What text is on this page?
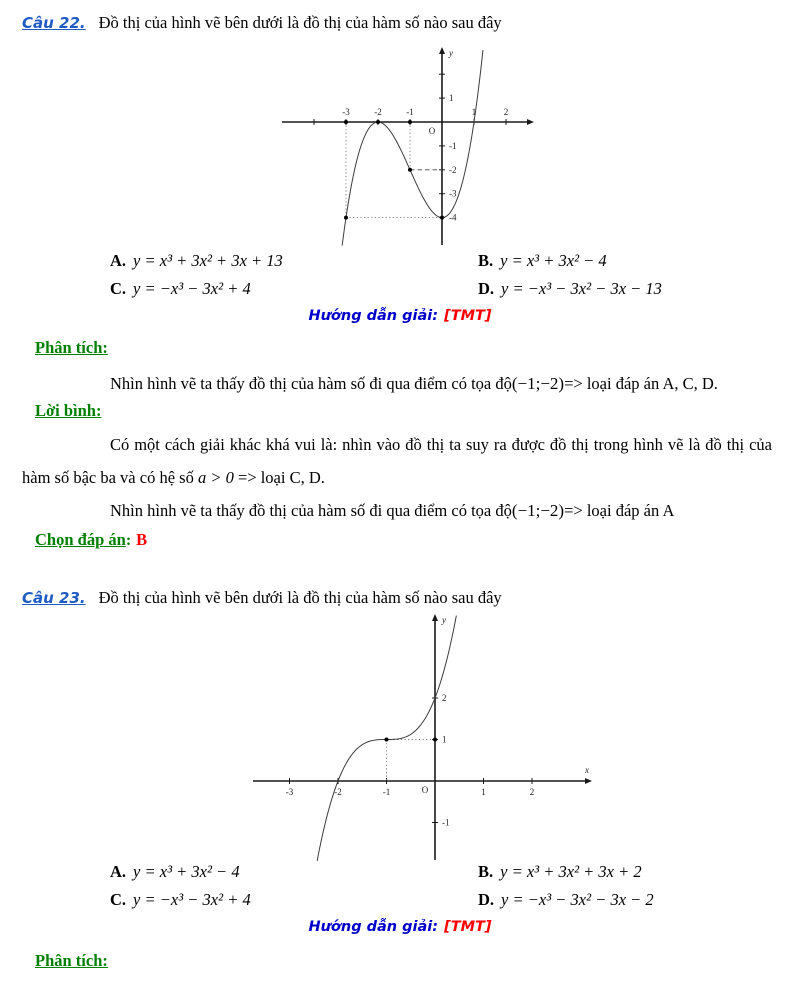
Câu 22. Đồ thị của hình vẽ bên dưới là đồ thị của hàm số nào sau đây
y
O
-3	-2	-1	1	2
1
-1
-2
-3
-4
A. y = x³ + 3x² + 3x + 13	B. y = x³ + 3x² − 4
C. y = −x³ − 3x² + 4	D. y = −x³ − 3x² − 3x − 13
Hướng dẫn giải: [TMT]
Phân tích:
Nhìn hình vẽ ta thấy đồ thị của hàm số đi qua điểm có tọa độ(−1;−2)=> loại đáp án A, C, D.
Lời bình:
Có một cách giải khác khá vui là: nhìn vào đồ thị ta suy ra được đồ thị trong hình vẽ là đồ thị của hàm số bậc ba và có hệ số a > 0 => loại C, D.
Nhìn hình vẽ ta thấy đồ thị của hàm số đi qua điểm có tọa độ(−1;−2)=> loại đáp án A
Chọn đáp án: B
Câu 23. Đồ thị của hình vẽ bên dưới là đồ thị của hàm số nào sau đây
y
x
O
-3	-2	-1	1	2
2
1
-1
A. y = x³ + 3x² − 4	B. y = x³ + 3x² + 3x + 2
C. y = −x³ − 3x² + 4	D. y = −x³ − 3x² − 3x − 2
Hướng dẫn giải: [TMT]
Phân tích:
